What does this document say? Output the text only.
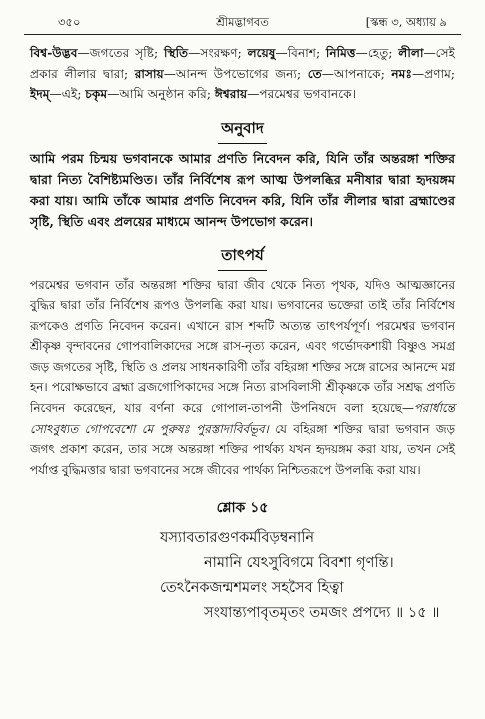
৩৫০	শ্রীমদ্ভাগবত	[স্কন্ধ ৩, অধ্যায় ৯
বিশ্ব-উদ্ভব—জগতের সৃষ্টি; স্থিতি—সংরক্ষণ; লয়েষু—বিনাশ; নিমিত্ত—হেতু; লীলা—সেই প্রকার লীলার দ্বারা; রাসায়—আনন্দ উপভোগের জন্য; তে—আপনাকে; নমঃ—প্রণাম; ইদম্—এই; চকৃম—আমি অনুষ্ঠান করি; ঈশ্বরায়—পরমেশ্বর ভগবানকে।
অনুবাদ
আমি পরম চিন্ময় ভগবানকে আমার প্রণতি নিবেদন করি, যিনি তাঁর অন্তরঙ্গা শক্তির দ্বারা নিত্য বৈশিষ্ট্যমণ্ডিত। তাঁর নির্বিশেষ রূপ আত্ম উপলব্ধির মনীষার দ্বারা হৃদয়ঙ্গম করা যায়। আমি তাঁকে আমার প্রণতি নিবেদন করি, যিনি তাঁর লীলার দ্বারা ব্রহ্মাণ্ডের সৃষ্টি, স্থিতি এবং প্রলয়ের মাধ্যমে আনন্দ উপভোগ করেন।
তাৎপর্য

পরমেশ্বর ভগবান তাঁর অন্তরঙ্গা শক্তির দ্বারা জীব থেকে নিত্য পৃথক, যদিও আত্মজ্ঞানের বুদ্ধির দ্বারা তাঁর নির্বিশেষ রূপও উপলব্ধি করা যায়। ভগবানের ভক্তেরা তাই তাঁর নির্বিশেষ রূপকেও প্রণতি নিবেদন করেন। এখানে রাস শব্দটি অত্যন্ত তাৎপর্যপূর্ণ। পরমেশ্বর ভগবান শ্রীকৃষ্ণ বৃন্দাবনের গোপবালিকাদের সঙ্গে রাস-নৃত্য করেন, এবং গর্ভোদকশায়ী বিষ্ণুও সমগ্র জড় জগতের সৃষ্টি, স্থিতি ও প্রলয় সাধনকারিণী তাঁর বহিরঙ্গা শক্তির সঙ্গে রাসের আনন্দে মগ্ন হন। পরোক্ষভাবে ব্রহ্মা ব্রজগোপিকাদের সঙ্গে নিত্য রাসবিলাসী শ্রীকৃষ্ণকে তাঁর সশ্রদ্ধ প্রণতি নিবেদন করেছেন, যার বর্ণনা করে গোপাল-তাপনী উপনিষদে বলা হয়েছে—পরার্ধান্তে সোঽবুধ্যত গোপবেশো মে পুরুষঃ পুরস্তাদাবির্বভূব। যে বহিরঙ্গা শক্তির দ্বারা ভগবান জড় জগৎ প্রকাশ করেন, তার সঙ্গে অন্তরঙ্গা শক্তির পার্থক্য যখন হৃদয়ঙ্গম করা যায়, তখন সেই পর্যাপ্ত বুদ্ধিমত্তার দ্বারা ভগবানের সঙ্গে জীবের পার্থক্য নিশ্চিতরূপে উপলব্ধি করা যায়।

শ্লোক ১৫
যস্যাবতারগুণকর্মবিড়ম্বনানি
নামানি যেঽসুবিগমে বিবশা গৃণন্তি।
তেঽনৈকজন্মশমলং সহসৈব হিত্বা
সংযান্ত্যপাবৃতমৃতং তমজং প্রপদ্যে ॥ ১৫ ॥
